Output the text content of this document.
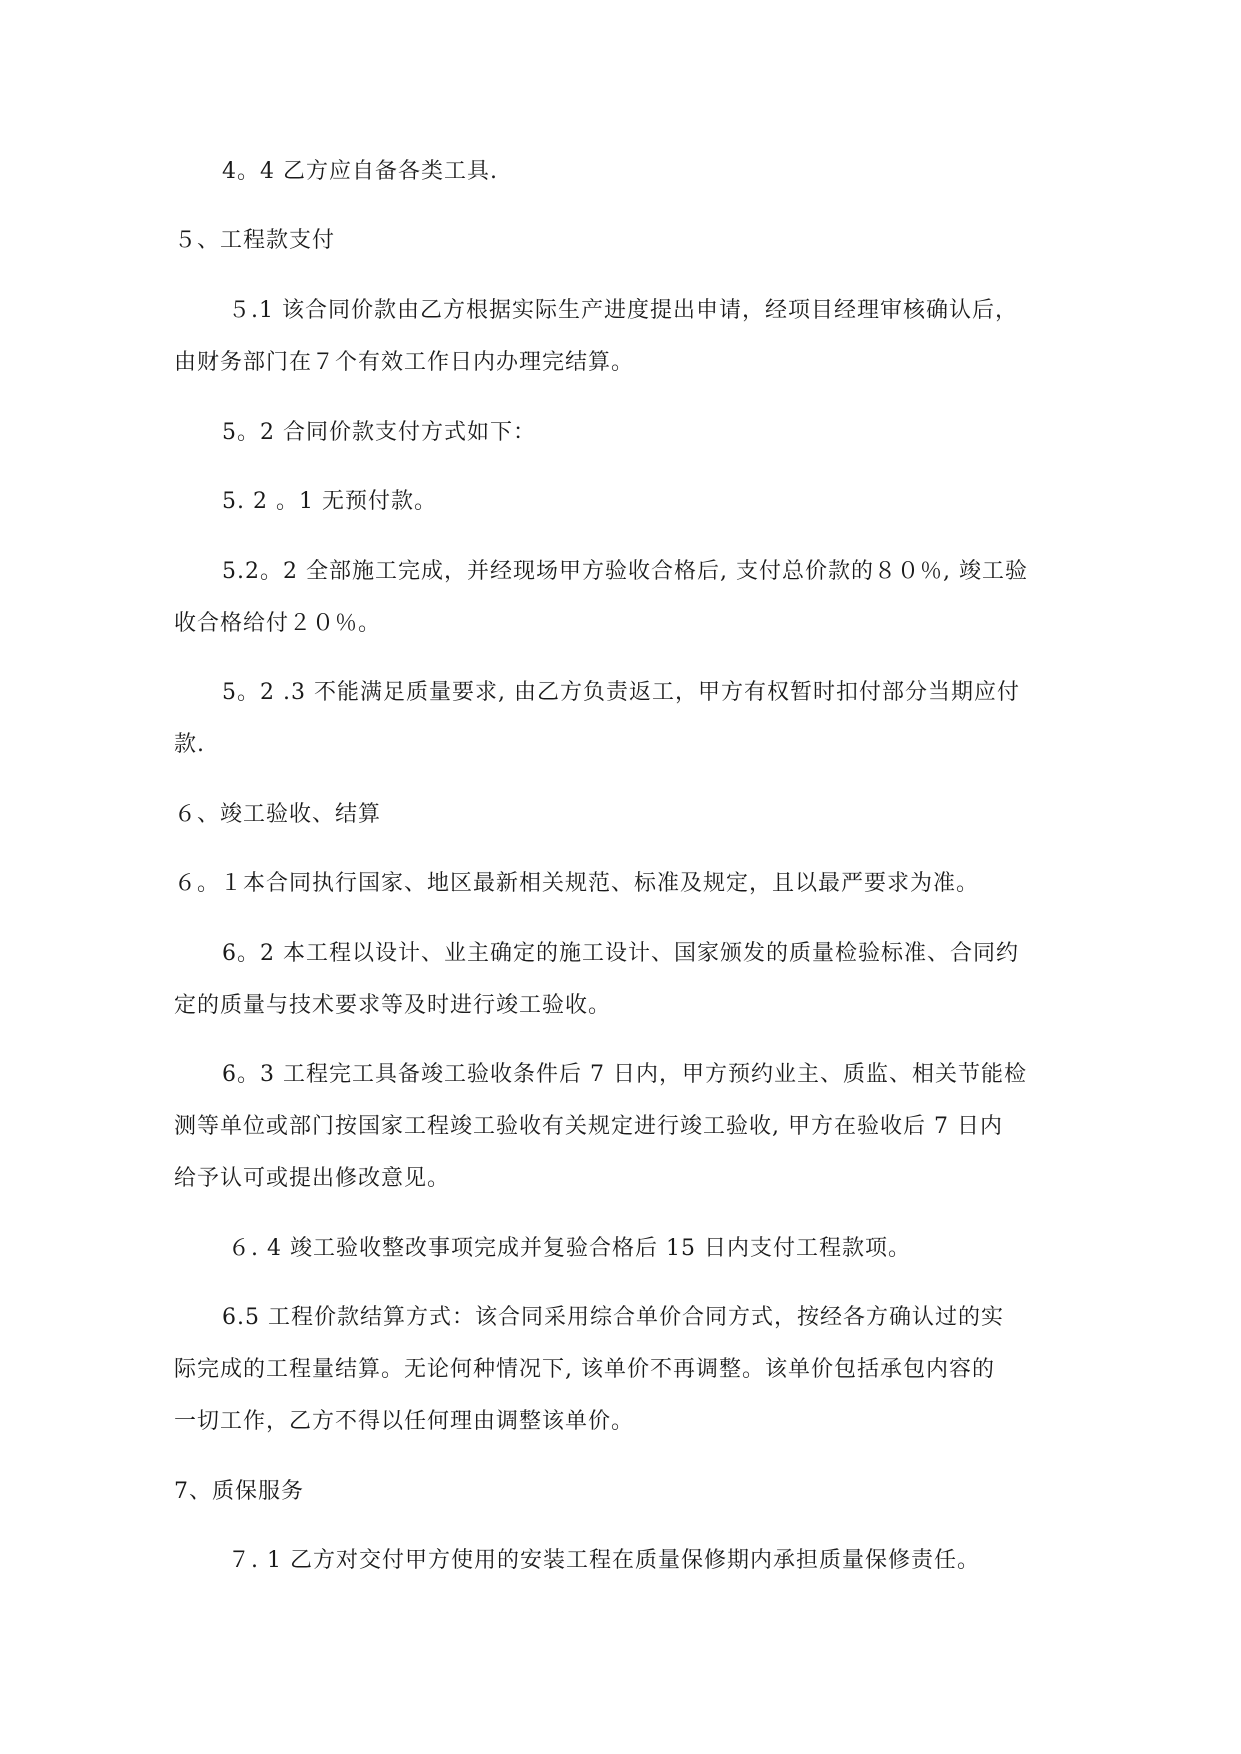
4。4 乙方应自备各类工具.
５、工程款支付
５.1 该合同价款由乙方根据实际生产进度提出申请，经项目经理审核确认后，
由财务部门在７个有效工作日内办理完结算。
5。2 合同价款支付方式如下：
5. 2 。1 无预付款。
5.2。2 全部施工完成，并经现场甲方验收合格后, 支付总价款的８０％, 竣工验
收合格给付２０％。
5。2 .3 不能满足质量要求, 由乙方负责返工，甲方有权暂时扣付部分当期应付
款.
６、竣工验收、结算
６。１本合同执行国家、地区最新相关规范、标准及规定，且以最严要求为准。
6。2 本工程以设计、业主确定的施工设计、国家颁发的质量检验标准、合同约
定的质量与技术要求等及时进行竣工验收。
6。3 工程完工具备竣工验收条件后 7 日内，甲方预约业主、质监、相关节能检
测等单位或部门按国家工程竣工验收有关规定进行竣工验收, 甲方在验收后 7 日内
给予认可或提出修改意见。
６. 4 竣工验收整改事项完成并复验合格后 15 日内支付工程款项。
6.5 工程价款结算方式：该合同采用综合单价合同方式，按经各方确认过的实
际完成的工程量结算。无论何种情况下, 该单价不再调整。该单价包括承包内容的
一切工作，乙方不得以任何理由调整该单价。
7、质保服务
７. 1 乙方对交付甲方使用的安装工程在质量保修期内承担质量保修责任。
